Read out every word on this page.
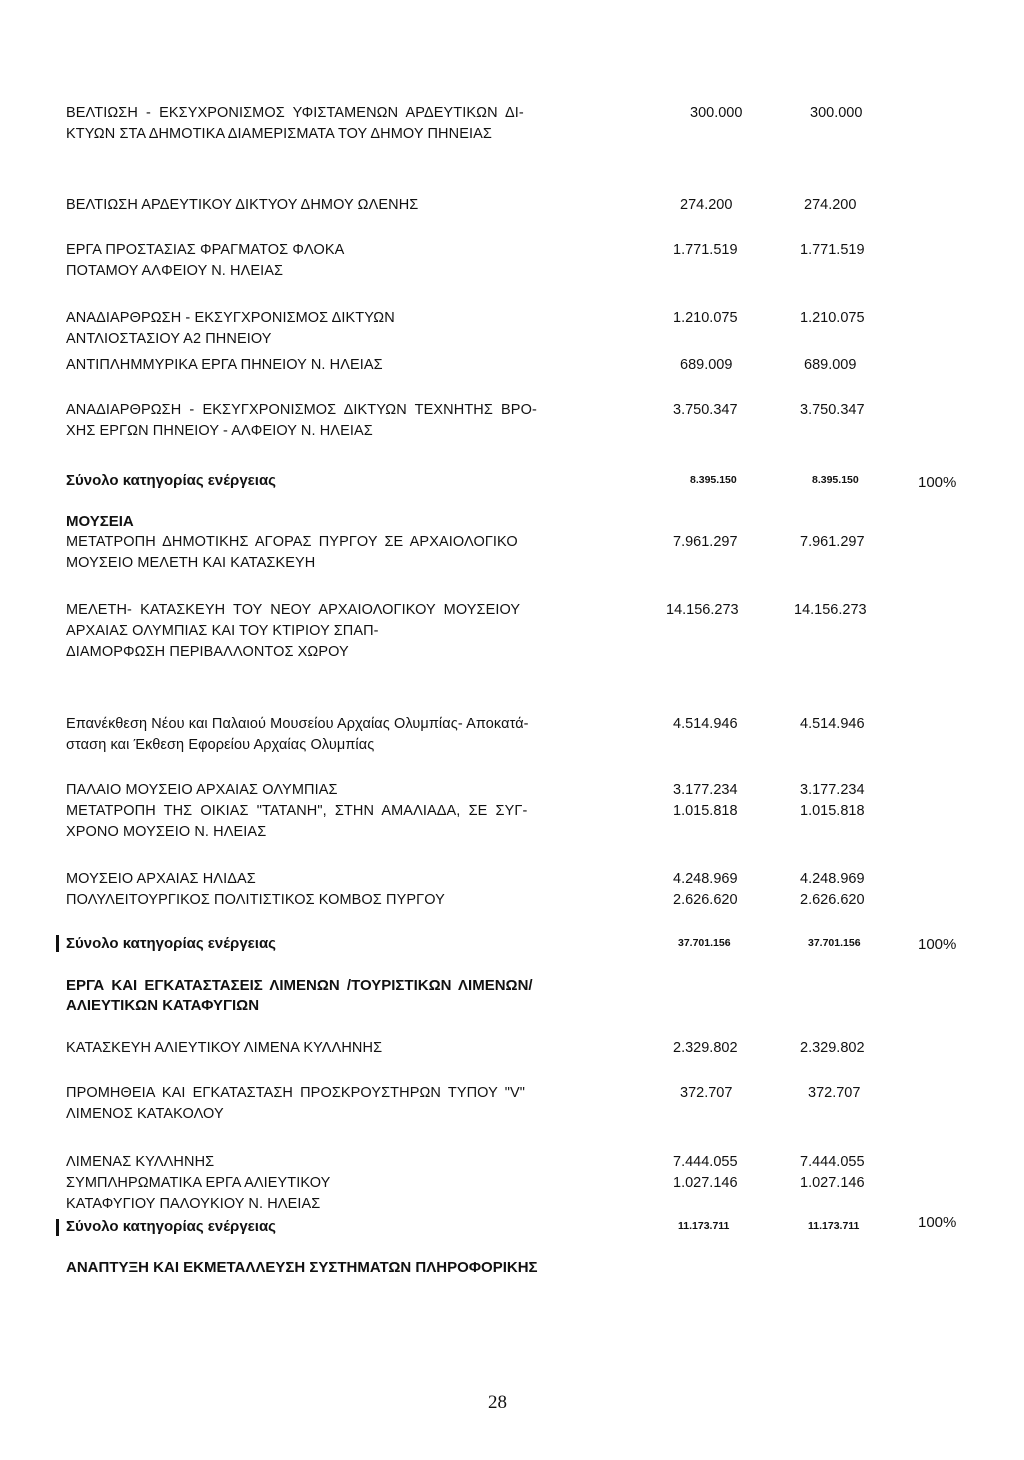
ΒΕΛΤΙΩΣΗ - ΕΚΣΥΧΡΟΝΙΣΜΟΣ ΥΦΙΣΤΑΜΕΝΩΝ ΑΡΔΕΥΤΙΚΩΝ ΔΙ-
ΚΤΥΩΝ ΣΤΑ ΔΗΜΟΤΙΚΑ ΔΙΑΜΕΡΙΣΜΑΤΑ ΤΟΥ ΔΗΜΟΥ ΠΗΝΕΙΑΣ
300.000	300.000
ΒΕΛΤΙΩΣΗ ΑΡΔΕΥΤΙΚΟΥ ΔΙΚΤΥΟΥ ΔΗΜΟΥ ΩΛΕΝΗΣ	274.200	274.200
ΕΡΓΑ ΠΡΟΣΤΑΣΙΑΣ ΦΡΑΓΜΑΤΟΣ ΦΛΟΚΑ
ΠΟΤΑΜΟΥ ΑΛΦΕΙΟΥ Ν. ΗΛΕΙΑΣ
1.771.519	1.771.519
ΑΝΑΔΙΑΡΘΡΩΣΗ - ΕΚΣΥΓΧΡΟΝΙΣΜΟΣ ΔΙΚΤΥΩΝ
ΑΝΤΛΙΟΣΤΑΣΙΟΥ Α2 ΠΗΝΕΙΟΥ
1.210.075	1.210.075
ΑΝΤΙΠΛΗΜΜΥΡΙΚΑ ΕΡΓΑ ΠΗΝΕΙΟΥ Ν. ΗΛΕΙΑΣ	689.009	689.009
ΑΝΑΔΙΑΡΘΡΩΣΗ - ΕΚΣΥΓΧΡΟΝΙΣΜΟΣ ΔΙΚΤΥΩΝ ΤΕΧΝΗΤΗΣ ΒΡΟ-
ΧΗΣ ΕΡΓΩΝ ΠΗΝΕΙΟΥ - ΑΛΦΕΙΟΥ Ν. ΗΛΕΙΑΣ
3.750.347	3.750.347
Σύνολο κατηγορίας ενέργειας	8.395.150	8.395.150	100%
ΜΟΥΣΕΙΑ
ΜΕΤΑΤΡΟΠΗ ΔΗΜΟΤΙΚΗΣ ΑΓΟΡΑΣ ΠΥΡΓΟΥ ΣΕ ΑΡΧΑΙΟΛΟΓΙΚΟ
ΜΟΥΣΕΙΟ ΜΕΛΕΤΗ ΚΑΙ ΚΑΤΑΣΚΕΥΗ
7.961.297	7.961.297
ΜΕΛΕΤΗ- ΚΑΤΑΣΚΕΥΗ ΤΟΥ ΝΕΟΥ ΑΡΧΑΙΟΛΟΓΙΚΟΥ ΜΟΥΣΕΙΟΥ
ΑΡΧΑΙΑΣ ΟΛΥΜΠΙΑΣ ΚΑΙ ΤΟΥ ΚΤΙΡΙΟΥ ΣΠΑΠ-
ΔΙΑΜΟΡΦΩΣΗ ΠΕΡΙΒΑΛΛΟΝΤΟΣ ΧΩΡΟΥ
14.156.273	14.156.273
Επανέκθεση Νέου και Παλαιού Μουσείου Αρχαίας Ολυμπίας- Αποκατά-
σταση και Έκθεση Εφορείου Αρχαίας Ολυμπίας
4.514.946	4.514.946
ΠΑΛΑΙΟ ΜΟΥΣΕΙΟ ΑΡΧΑΙΑΣ ΟΛΥΜΠΙΑΣ	3.177.234	3.177.234
ΜΕΤΑΤΡΟΠΗ ΤΗΣ ΟΙΚΙΑΣ "ΤΑΤΑΝΗ", ΣΤΗΝ ΑΜΑΛΙΑΔΑ, ΣΕ ΣΥΓ-
ΧΡΟΝΟ ΜΟΥΣΕΙΟ Ν. ΗΛΕΙΑΣ
1.015.818	1.015.818
ΜΟΥΣΕΙΟ ΑΡΧΑΙΑΣ ΗΛΙΔΑΣ	4.248.969	4.248.969
ΠΟΛΥΛΕΙΤΟΥΡΓΙΚΟΣ ΠΟΛΙΤΙΣΤΙΚΟΣ ΚΟΜΒΟΣ ΠΥΡΓΟΥ	2.626.620	2.626.620
Σύνολο κατηγορίας ενέργειας	37.701.156	37.701.156	100%
ΕΡΓΑ ΚΑΙ ΕΓΚΑΤΑΣΤΑΣΕΙΣ ΛΙΜΕΝΩΝ /ΤΟΥΡΙΣΤΙΚΩΝ ΛΙΜΕΝΩΝ/
ΑΛΙΕΥΤΙΚΩΝ ΚΑΤΑΦΥΓΙΩΝ
ΚΑΤΑΣΚΕΥΗ ΑΛΙΕΥΤΙΚΟΥ ΛΙΜΕΝΑ ΚΥΛΛΗΝΗΣ	2.329.802	2.329.802
ΠΡΟΜΗΘΕΙΑ ΚΑΙ ΕΓΚΑΤΑΣΤΑΣΗ ΠΡΟΣΚΡΟΥΣΤΗΡΩΝ ΤΥΠΟΥ "V"
ΛΙΜΕΝΟΣ ΚΑΤΑΚΟΛΟΥ
372.707	372.707
ΛΙΜΕΝΑΣ ΚΥΛΛΗΝΗΣ	7.444.055	7.444.055
ΣΥΜΠΛΗΡΩΜΑΤΙΚΑ ΕΡΓΑ ΑΛΙΕΥΤΙΚΟΥ
ΚΑΤΑΦΥΓΙΟΥ ΠΑΛΟΥΚΙΟΥ Ν. ΗΛΕΙΑΣ
1.027.146	1.027.146
Σύνολο κατηγορίας ενέργειας	11.173.711	11.173.711	100%
ΑΝΑΠΤΥΞΗ ΚΑΙ ΕΚΜΕΤΑΛΛΕΥΣΗ ΣΥΣΤΗΜΑΤΩΝ ΠΛΗΡΟΦΟΡΙΚΗΣ
28
